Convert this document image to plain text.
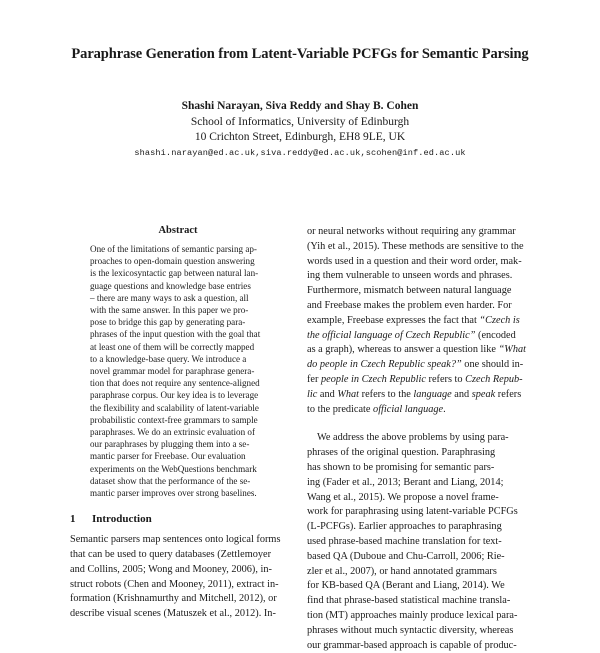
Paraphrase Generation from Latent-Variable PCFGs for Semantic Parsing
Shashi Narayan, Siva Reddy and Shay B. Cohen
School of Informatics, University of Edinburgh
10 Crichton Street, Edinburgh, EH8 9LE, UK
shashi.narayan@ed.ac.uk,siva.reddy@ed.ac.uk,scohen@inf.ed.ac.uk
Abstract
One of the limitations of semantic parsing ap-
proaches to open-domain question answering
is the lexicosyntactic gap between natural lan-
guage questions and knowledge base entries
– there are many ways to ask a question, all
with the same answer. In this paper we pro-
pose to bridge this gap by generating para-
phrases of the input question with the goal that
at least one of them will be correctly mapped
to a knowledge-base query. We introduce a
novel grammar model for paraphrase genera-
tion that does not require any sentence-aligned
paraphrase corpus. Our key idea is to leverage
the flexibility and scalability of latent-variable
probabilistic context-free grammars to sample
paraphrases. We do an extrinsic evaluation of
our paraphrases by plugging them into a se-
mantic parser for Freebase. Our evaluation
experiments on the WebQuestions benchmark
dataset show that the performance of the se-
mantic parser improves over strong baselines.
1 Introduction
Semantic parsers map sentences onto logical forms
that can be used to query databases (Zettlemoyer
and Collins, 2005; Wong and Mooney, 2006), in-
struct robots (Chen and Mooney, 2011), extract in-
formation (Krishnamurthy and Mitchell, 2012), or
describe visual scenes (Matuszek et al., 2012). In-
or neural networks without requiring any grammar
(Yih et al., 2015). These methods are sensitive to the
words used in a question and their word order, mak-
ing them vulnerable to unseen words and phrases.
Furthermore, mismatch between natural language
and Freebase makes the problem even harder. For
example, Freebase expresses the fact that “Czech is
the official language of Czech Republic” (encoded
as a graph), whereas to answer a question like “What
do people in Czech Republic speak?” one should in-
fer people in Czech Republic refers to Czech Repub-
lic and What refers to the language and speak refers
to the predicate official language.
We address the above problems by using para-
phrases of the original question. Paraphrasing
has shown to be promising for semantic pars-
ing (Fader et al., 2013; Berant and Liang, 2014;
Wang et al., 2015). We propose a novel frame-
work for paraphrasing using latent-variable PCFGs
(L-PCFGs). Earlier approaches to paraphrasing
used phrase-based machine translation for text-
based QA (Duboue and Chu-Carroll, 2006; Rie-
zler et al., 2007), or hand annotated grammars
for KB-based QA (Berant and Liang, 2014). We
find that phrase-based statistical machine transla-
tion (MT) approaches mainly produce lexical para-
phrases without much syntactic diversity, whereas
our grammar-based approach is capable of produc-
